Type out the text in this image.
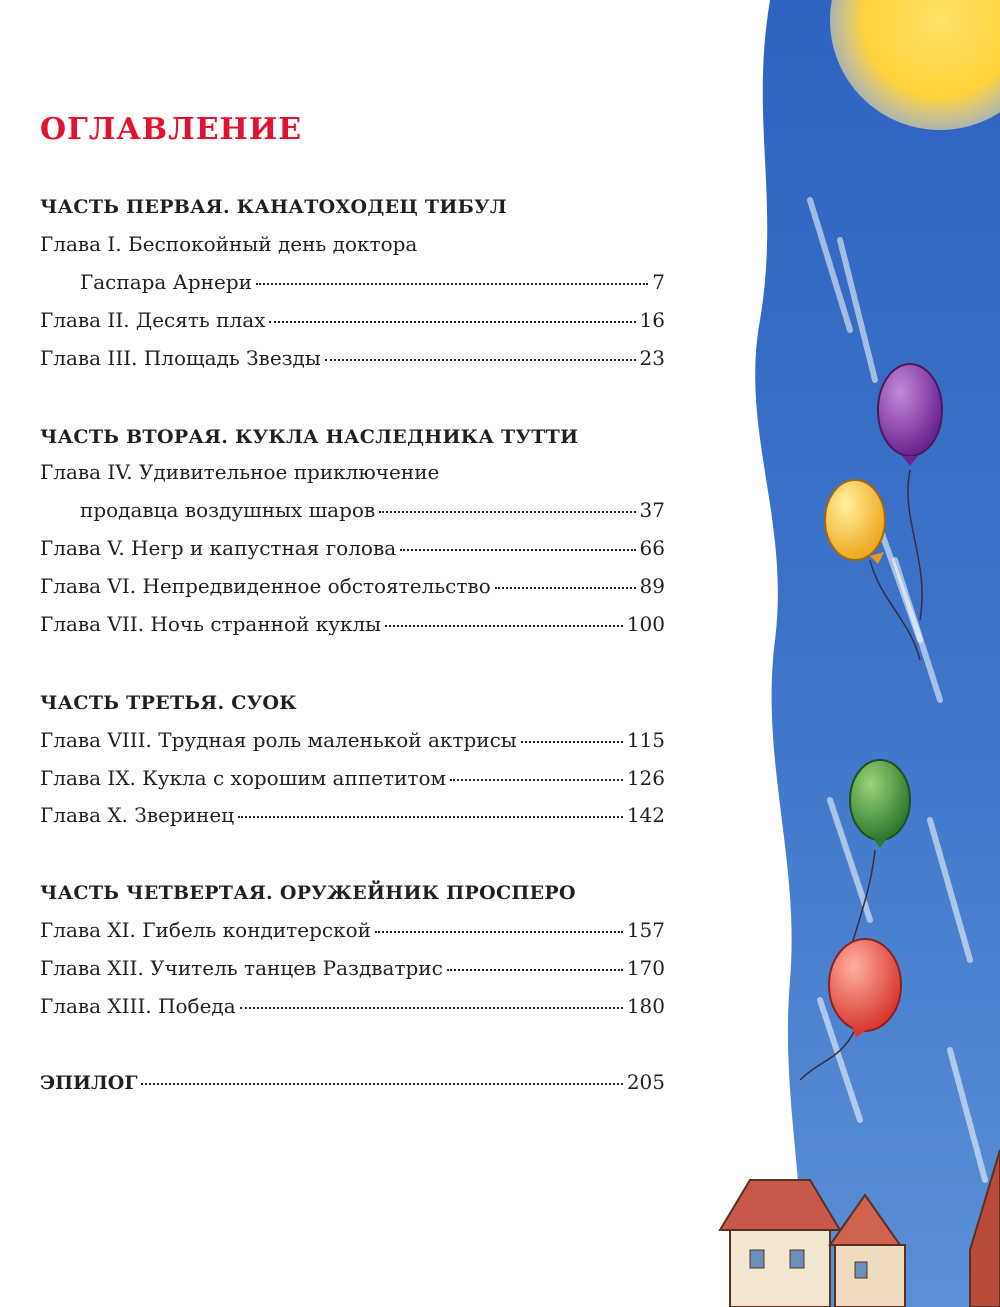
ОГЛАВЛЕНИЕ
ЧАСТЬ ПЕРВАЯ. КАНАТОХОДЕЦ ТИБУЛ
Глава I. Беспокойный день доктора
Гаспара Арнери	7
Глава II. Десять плах	16
Глава III. Площадь Звезды	23
ЧАСТЬ ВТОРАЯ. КУКЛА НАСЛЕДНИКА ТУТТИ
Глава IV. Удивительное приключение
продавца воздушных шаров	37
Глава V. Негр и капустная голова	66
Глава VI. Непредвиденное обстоятельство	89
Глава VII. Ночь странной куклы	100
ЧАСТЬ ТРЕТЬЯ. СУОК
Глава VIII. Трудная роль маленькой актрисы	115
Глава IX. Кукла с хорошим аппетитом	126
Глава X. Зверинец	142
ЧАСТЬ ЧЕТВЕРТАЯ. ОРУЖЕЙНИК ПРОСПЕРО
Глава XI. Гибель кондитерской	157
Глава XII. Учитель танцев Раздватрис	170
Глава XIII. Победа	180
ЭПИЛОГ	205
